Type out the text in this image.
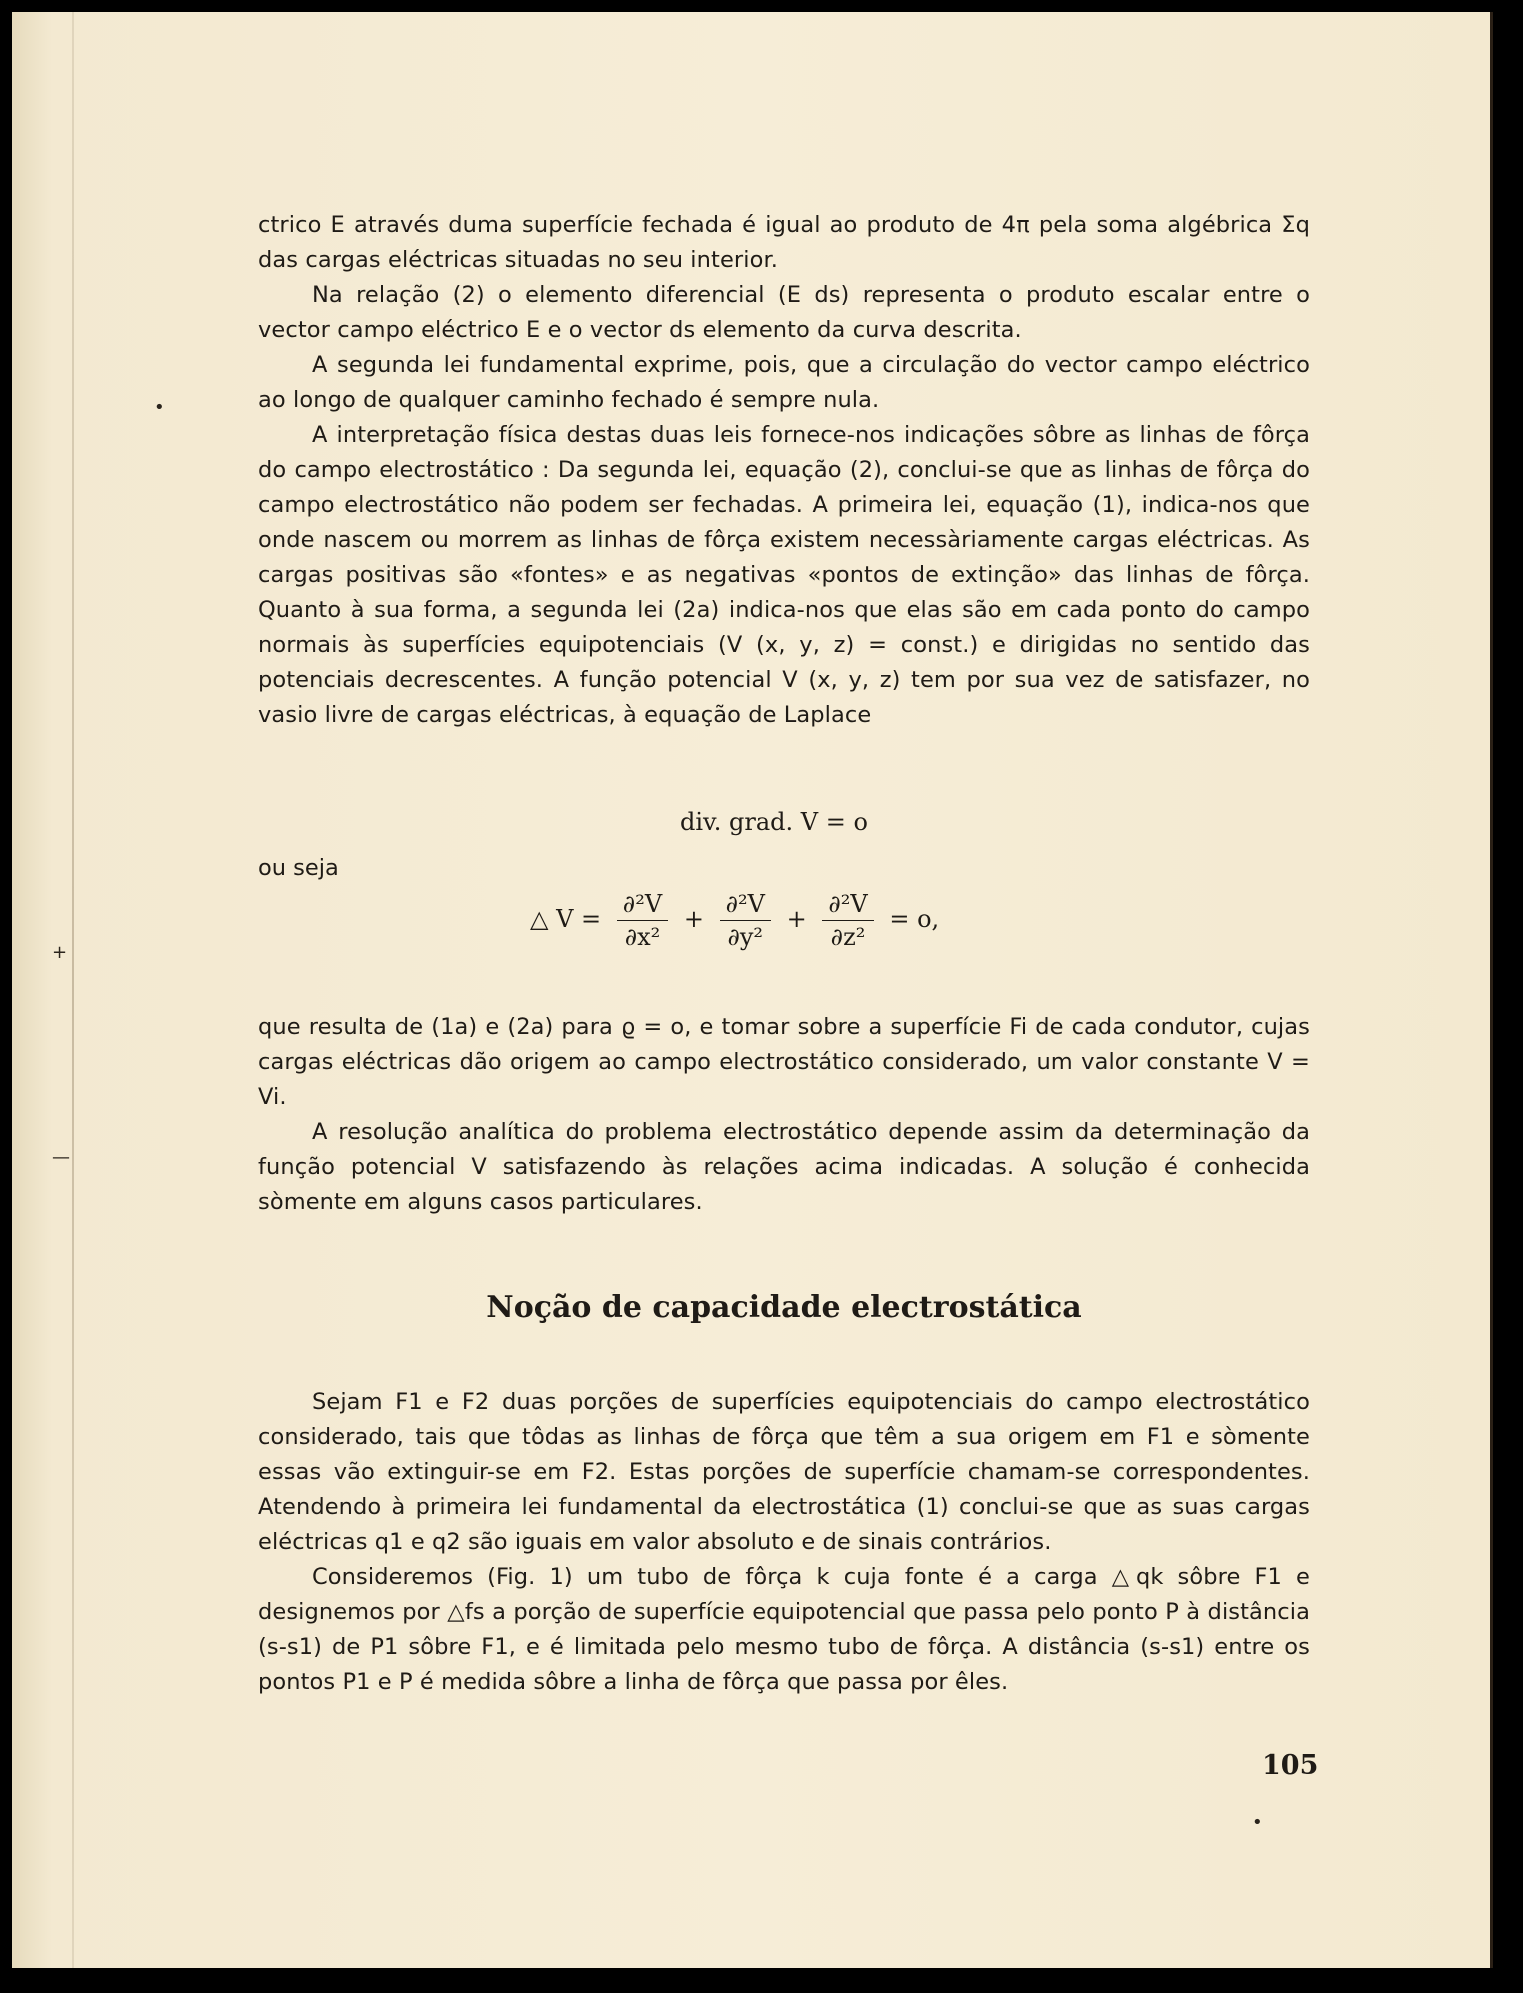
•
+
—
•

ctrico E através duma superfície fechada é igual ao produto de 4π pela soma algébrica Σq das cargas eléctricas situadas no seu interior.

Na relação (2) o elemento diferencial (E ds) representa o produto escalar entre o vector campo eléctrico E e o vector ds elemento da curva descrita.

A segunda lei fundamental exprime, pois, que a circulação do vector campo eléctrico ao longo de qualquer caminho fechado é sempre nula.

A interpretação física destas duas leis fornece-nos indicações sôbre as linhas de fôrça do campo electrostático : Da segunda lei, equação (2), conclui-se que as linhas de fôrça do campo electrostático não podem ser fechadas. A primeira lei, equação (1), indica-nos que onde nascem ou morrem as linhas de fôrça existem necessàriamente cargas eléctricas. As cargas positivas são «fontes» e as negativas «pontos de extinção» das linhas de fôrça. Quanto à sua forma, a segunda lei (2a) indica-nos que elas são em cada ponto do campo normais às superfícies equipotenciais (V (x, y, z) = const.) e dirigidas no sentido das potenciais decrescentes. A função potencial V (x, y, z) tem por sua vez de satisfazer, no vasio livre de cargas eléctricas, à equação de Laplace

div. grad. V = o
ou seja
△ $V = \frac{\text{∂²V}}{\text{∂x²}} + \frac{\text{∂²V}}{\text{∂y²}} + \frac{\text{∂²V}}{\text{∂z²}} = o$,

que resulta de (1a) e (2a) para ϱ = o, e tomar sobre a superfície Fi de cada condutor, cujas cargas eléctricas dão origem ao campo electrostático considerado, um valor constante V = Vi.

A resolução analítica do problema electrostático depende assim da determinação da função potencial V satisfazendo às relações acima indicadas. A solução é conhecida sòmente em alguns casos particulares.

Noção de capacidade electrostática

Sejam F1 e F2 duas porções de superfícies equipotenciais do campo electrostático considerado, tais que tôdas as linhas de fôrça que têm a sua origem em F1 e sòmente essas vão extinguir-se em F2. Estas porções de superfície chamam-se correspondentes. Atendendo à primeira lei fundamental da electrostática (1) conclui-se que as suas cargas eléctricas q1 e q2 são iguais em valor absoluto e de sinais contrários.

Consideremos (Fig. 1) um tubo de fôrça k cuja fonte é a carga △qk sôbre F1 e designemos por △fs a porção de superfície equipotencial que passa pelo ponto P à distância (s-s1) de P1 sôbre F1, e é limitada pelo mesmo tubo de fôrça. A distância (s-s1) entre os pontos P1 e P é medida sôbre a linha de fôrça que passa por êles.

105
